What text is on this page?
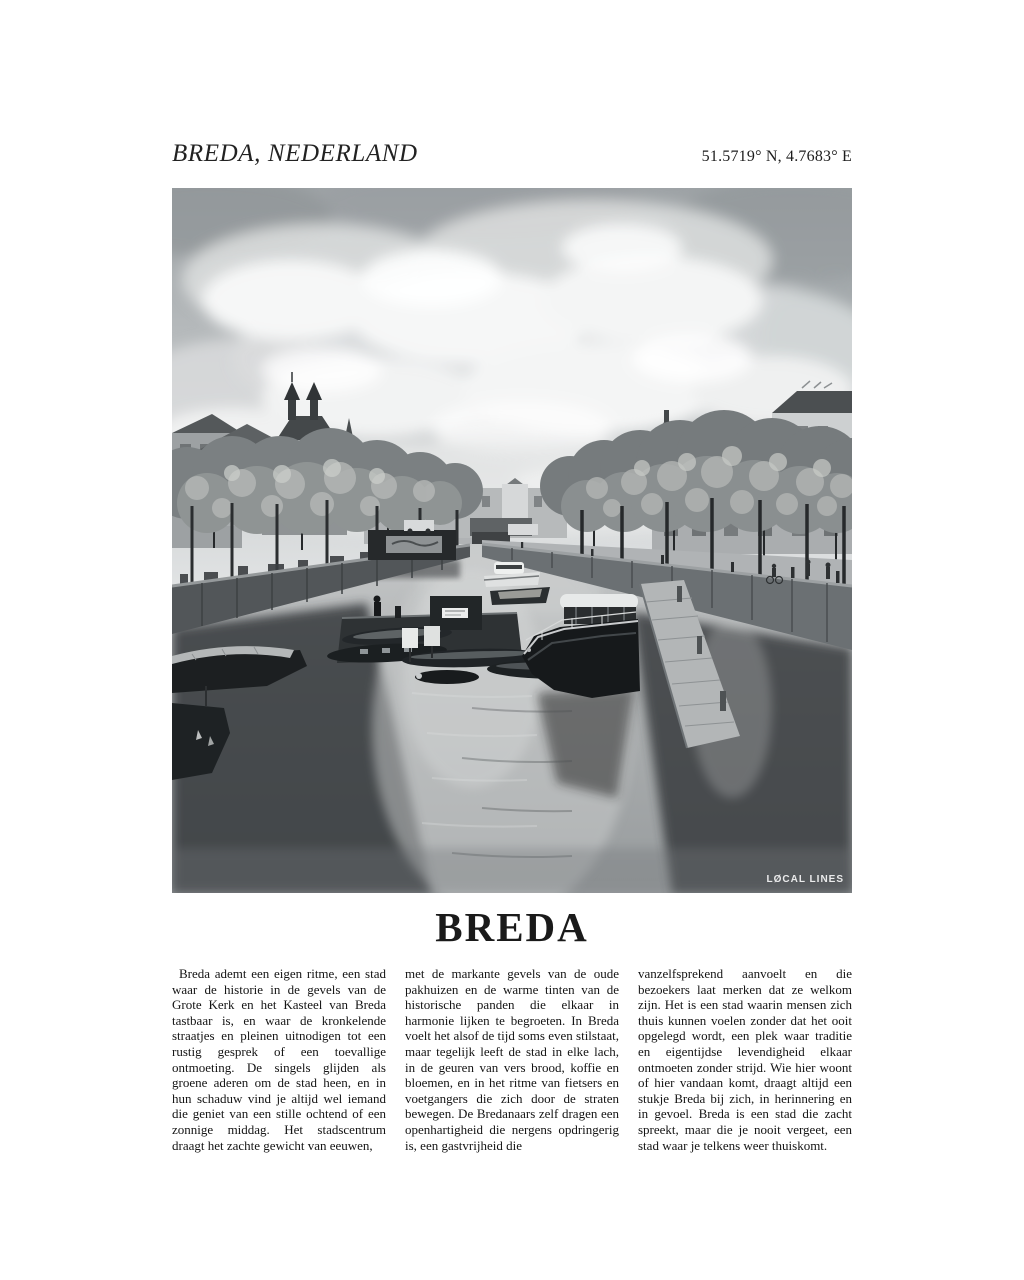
BREDA, NEDERLAND	51.5719° N, 4.7683° E
LØCAL LINES
BREDA

Breda ademt een eigen ritme, een stad waar de historie in de gevels van de Grote Kerk en het Kasteel van Breda tastbaar is, en waar de kronkelende straatjes en pleinen uitnodigen tot een rustig gesprek of een toevallige ontmoeting. De singels glijden als groene aderen om de stad heen, en in hun schaduw vind je altijd wel iemand die geniet van een stille ochtend of een zonnige middag. Het stadscentrum draagt het zachte gewicht van eeuwen,

met de markante gevels van de oude pakhuizen en de warme tinten van de historische panden die elkaar in harmonie lijken te begroeten. In Breda voelt het alsof de tijd soms even stilstaat, maar tegelijk leeft de stad in elke lach, in de geuren van vers brood, koffie en bloemen, en in het ritme van fietsers en voetgangers die zich door de straten bewegen. De Bredanaars zelf dragen een openhartigheid die nergens opdringerig is, een gastvrijheid die

vanzelfsprekend aanvoelt en die bezoekers laat merken dat ze welkom zijn. Het is een stad waarin mensen zich thuis kunnen voelen zonder dat het ooit opgelegd wordt, een plek waar traditie en eigentijdse levendigheid elkaar ontmoeten zonder strijd. Wie hier woont of hier vandaan komt, draagt altijd een stukje Breda bij zich, in herinnering en in gevoel. Breda is een stad die zacht spreekt, maar die je nooit vergeet, een stad waar je telkens weer thuiskomt.
